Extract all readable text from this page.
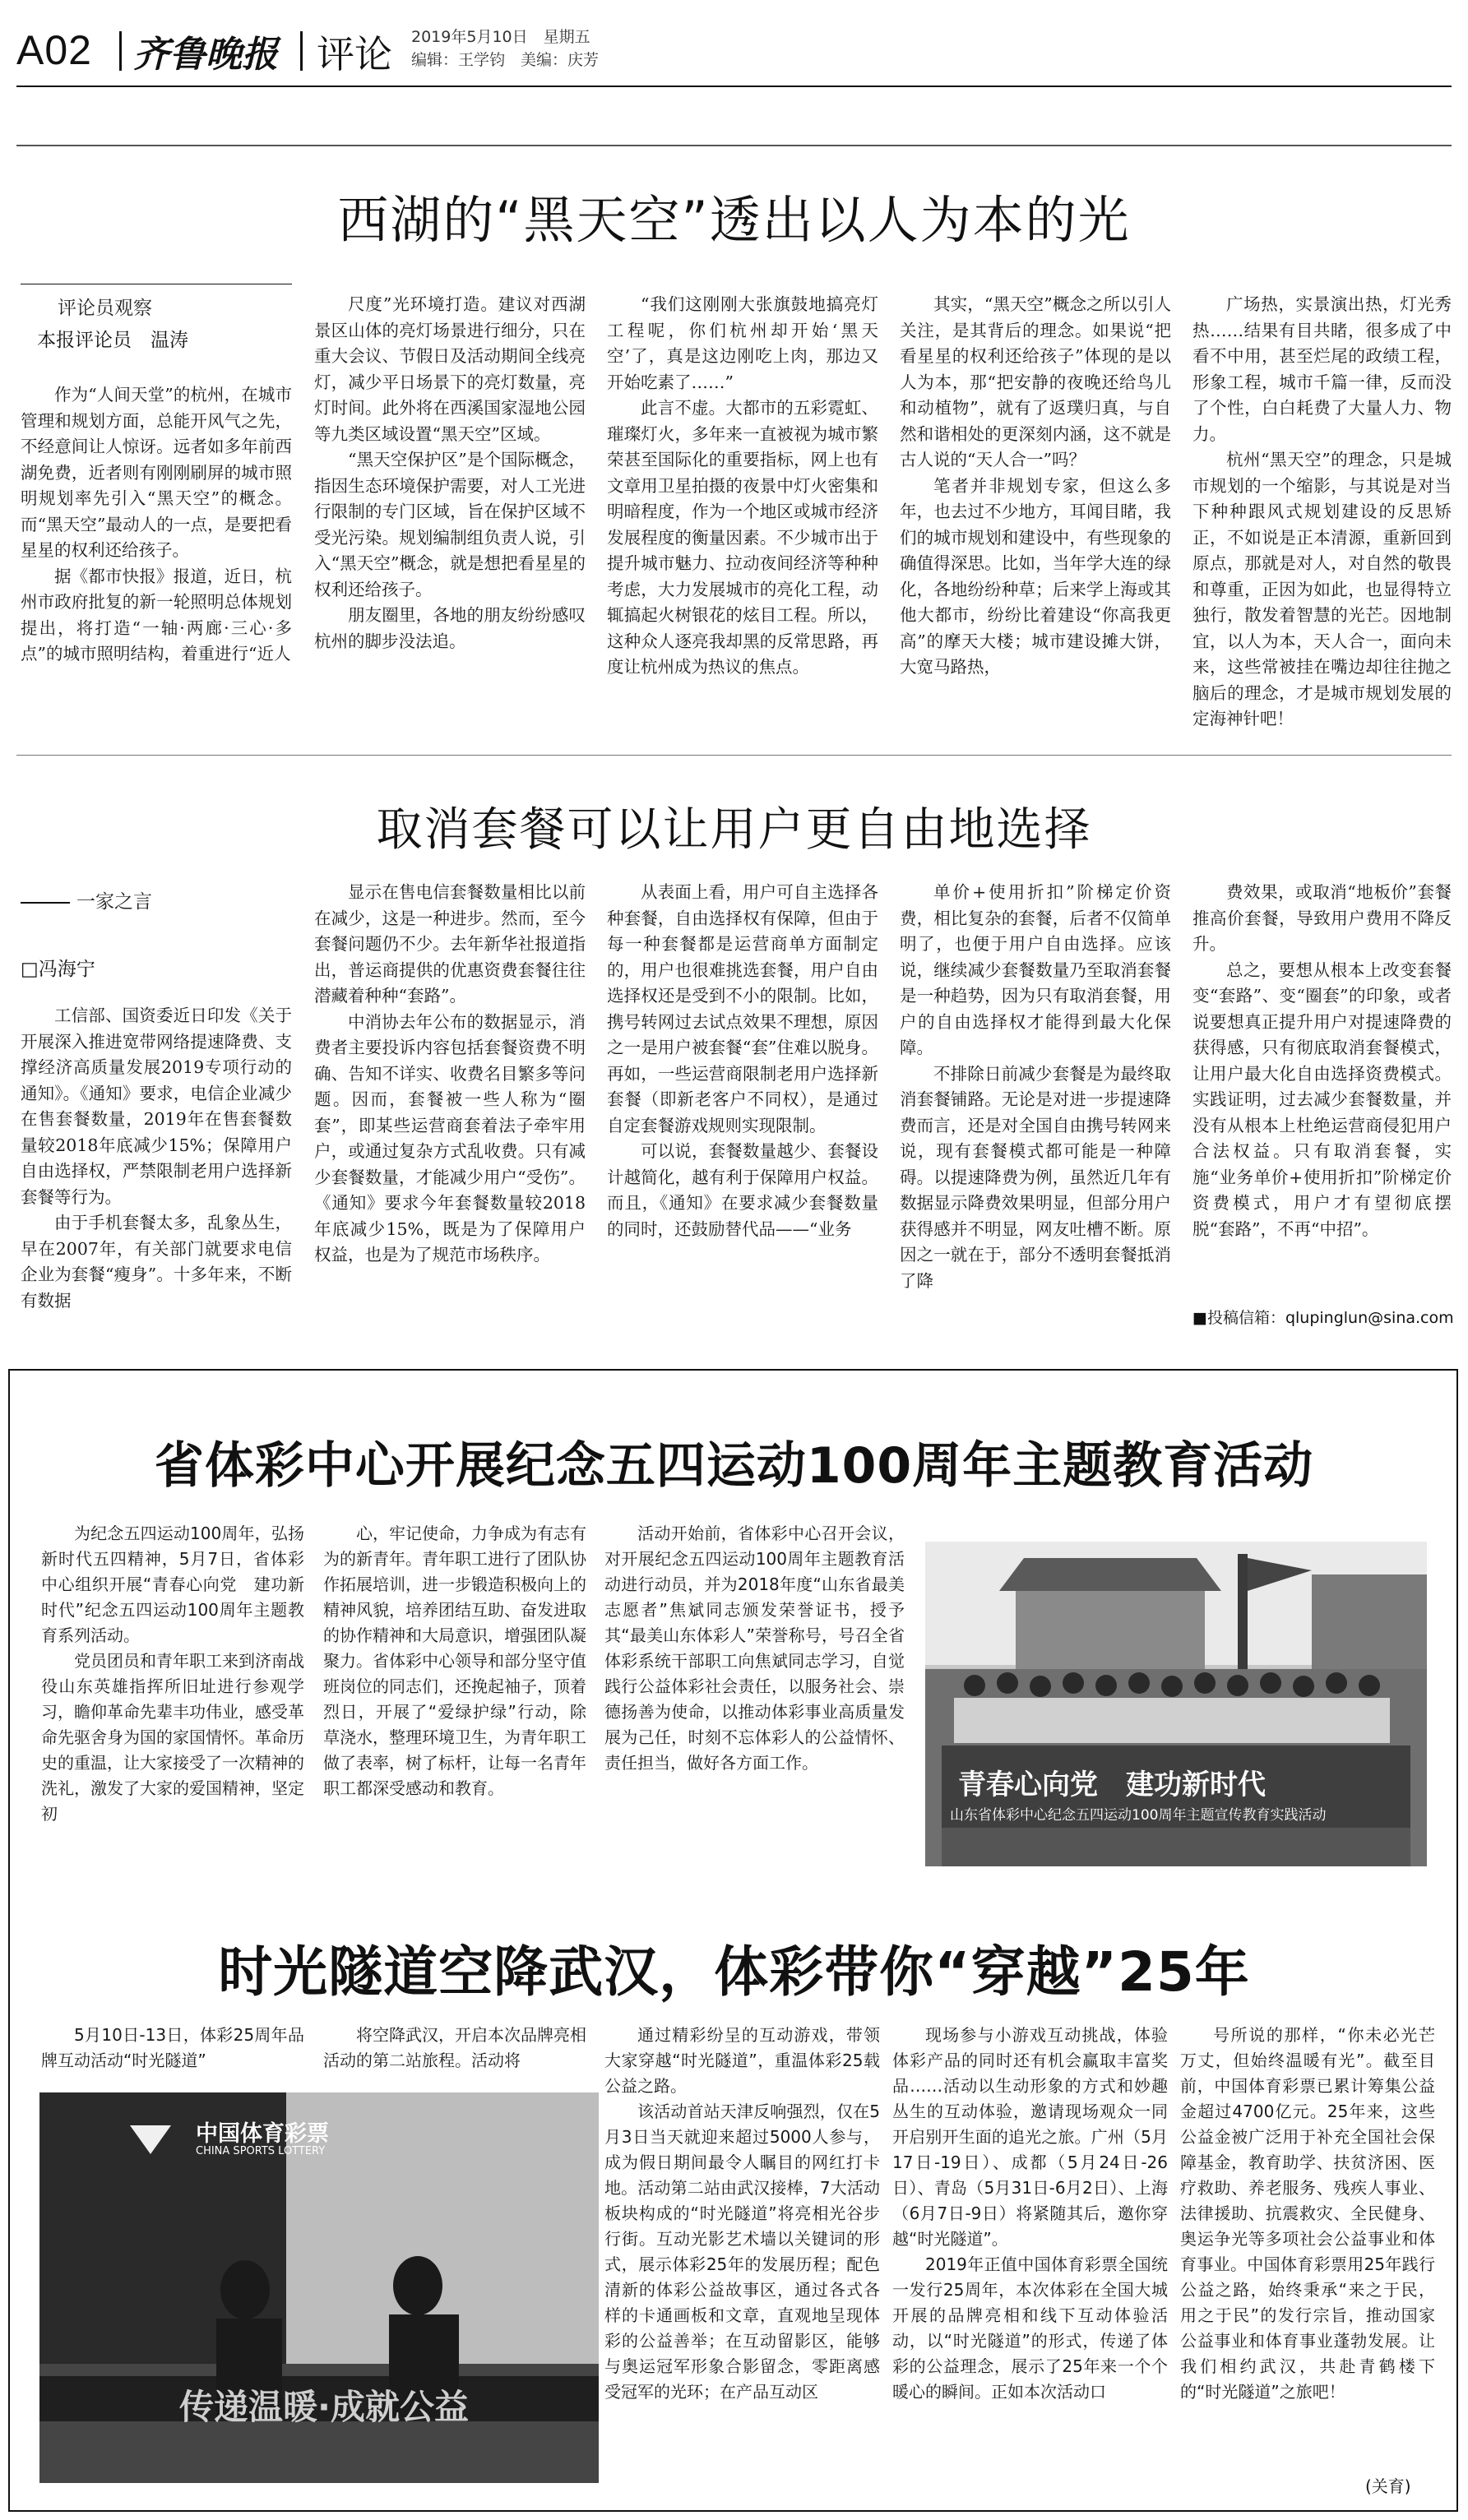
A02 齐鲁晚报 评论 2019年5月10日　星期五
编辑：王学钧　美编：庆芳
西湖的“黑天空”透出以人为本的光
评论员观察
本报评论员　温涛

作为“人间天堂”的杭州，在城市管理和规划方面，总能开风气之先，不经意间让人惊讶。远者如多年前西湖免费，近者则有刚刚刷屏的城市照明规划率先引入“黑天空”的概念。而“黑天空”最动人的一点，是要把看星星的权利还给孩子。

据《都市快报》报道，近日，杭州市政府批复的新一轮照明总体规划提出，将打造“一轴·两廊·三心·多点”的城市照明结构，着重进行“近人

尺度”光环境打造。建议对西湖景区山体的亮灯场景进行细分，只在重大会议、节假日及活动期间全线亮灯，减少平日场景下的亮灯数量，亮灯时间。此外将在西溪国家湿地公园等九类区域设置“黑天空”区域。

“黑天空保护区”是个国际概念，指因生态环境保护需要，对人工光进行限制的专门区域，旨在保护区域不受光污染。规划编制组负责人说，引入“黑天空”概念，就是想把看星星的权利还给孩子。

朋友圈里，各地的朋友纷纷感叹杭州的脚步没法追。

“我们这刚刚大张旗鼓地搞亮灯工程呢，你们杭州却开始‘黑天空’了，真是这边刚吃上肉，那边又开始吃素了……”

此言不虚。大都市的五彩霓虹、璀璨灯火，多年来一直被视为城市繁荣甚至国际化的重要指标，网上也有文章用卫星拍摄的夜景中灯火密集和明暗程度，作为一个地区或城市经济发展程度的衡量因素。不少城市出于提升城市魅力、拉动夜间经济等种种考虑，大力发展城市的亮化工程，动辄搞起火树银花的炫目工程。所以，这种众人逐亮我却黑的反常思路，再度让杭州成为热议的焦点。

其实，“黑天空”概念之所以引人关注，是其背后的理念。如果说“把看星星的权利还给孩子”体现的是以人为本，那“把安静的夜晚还给鸟儿和动植物”，就有了返璞归真，与自然和谐相处的更深刻内涵，这不就是古人说的“天人合一”吗？

笔者并非规划专家，但这么多年，也去过不少地方，耳闻目睹，我们的城市规划和建设中，有些现象的确值得深思。比如，当年学大连的绿化，各地纷纷种草；后来学上海或其他大都市，纷纷比着建设“你高我更高”的摩天大楼；城市建设摊大饼，大宽马路热，

广场热，实景演出热，灯光秀热……结果有目共睹，很多成了中看不中用，甚至烂尾的政绩工程，形象工程，城市千篇一律，反而没了个性，白白耗费了大量人力、物力。

杭州“黑天空”的理念，只是城市规划的一个缩影，与其说是对当下种种跟风式规划建设的反思矫正，不如说是正本清源，重新回到原点，那就是对人，对自然的敬畏和尊重，正因为如此，也显得特立独行，散发着智慧的光芒。因地制宜，以人为本，天人合一，面向未来，这些常被挂在嘴边却往往抛之脑后的理念，才是城市规划发展的定海神针吧！

取消套餐可以让用户更自由地选择
一家之言
□冯海宁

工信部、国资委近日印发《关于开展深入推进宽带网络提速降费、支撑经济高质量发展2019专项行动的通知》。《通知》要求，电信企业减少在售套餐数量，2019年在售套餐数量较2018年底减少15%；保障用户自由选择权，严禁限制老用户选择新套餐等行为。

由于手机套餐太多，乱象丛生，早在2007年，有关部门就要求电信企业为套餐“瘦身”。十多年来，不断有数据

显示在售电信套餐数量相比以前在减少，这是一种进步。然而，至今套餐问题仍不少。去年新华社报道指出，普运商提供的优惠资费套餐往往潜藏着种种“套路”。

中消协去年公布的数据显示，消费者主要投诉内容包括套餐资费不明确、告知不详实、收费名目繁多等问题。因而，套餐被一些人称为“圈套”，即某些运营商套着法子牵牢用户，或通过复杂方式乱收费。只有减少套餐数量，才能减少用户“受伤”。《通知》要求今年套餐数量较2018年底减少15%，既是为了保障用户权益，也是为了规范市场秩序。

从表面上看，用户可自主选择各种套餐，自由选择权有保障，但由于每一种套餐都是运营商单方面制定的，用户也很难挑选套餐，用户自由选择权还是受到不小的限制。比如，携号转网过去试点效果不理想，原因之一是用户被套餐“套”住难以脱身。再如，一些运营商限制老用户选择新套餐（即新老客户不同权），是通过自定套餐游戏规则实现限制。

可以说，套餐数量越少、套餐设计越简化，越有利于保障用户权益。而且，《通知》在要求减少套餐数量的同时，还鼓励替代品——“业务

单价+使用折扣”阶梯定价资费，相比复杂的套餐，后者不仅简单明了，也便于用户自由选择。应该说，继续减少套餐数量乃至取消套餐是一种趋势，因为只有取消套餐，用户的自由选择权才能得到最大化保障。

不排除日前减少套餐是为最终取消套餐铺路。无论是对进一步提速降费而言，还是对全国自由携号转网来说，现有套餐模式都可能是一种障碍。以提速降费为例，虽然近几年有数据显示降费效果明显，但部分用户获得感并不明显，网友吐槽不断。原因之一就在于，部分不透明套餐抵消了降

费效果，或取消“地板价”套餐推高价套餐，导致用户费用不降反升。

总之，要想从根本上改变套餐变“套路”、变“圈套”的印象，或者说要想真正提升用户对提速降费的获得感，只有彻底取消套餐模式，让用户最大化自由选择资费模式。实践证明，过去减少套餐数量，并没有从根本上杜绝运营商侵犯用户合法权益。只有取消套餐，实施“业务单价+使用折扣”阶梯定价资费模式，用户才有望彻底摆脱“套路”，不再“中招”。

■投稿信箱：qlupinglun@sina.com
省体彩中心开展纪念五四运动100周年主题教育活动

为纪念五四运动100周年，弘扬新时代五四精神，5月7日，省体彩中心组织开展“青春心向党　建功新时代”纪念五四运动100周年主题教育系列活动。

党员团员和青年职工来到济南战役山东英雄指挥所旧址进行参观学习，瞻仰革命先辈丰功伟业，感受革命先驱舍身为国的家国情怀。革命历史的重温，让大家接受了一次精神的洗礼，激发了大家的爱国精神，坚定初

心，牢记使命，力争成为有志有为的新青年。青年职工进行了团队协作拓展培训，进一步锻造积极向上的精神风貌，培养团结互助、奋发进取的协作精神和大局意识，增强团队凝聚力。省体彩中心领导和部分坚守值班岗位的同志们，还挽起袖子，顶着烈日，开展了“爱绿护绿”行动，除草浇水，整理环境卫生，为青年职工做了表率，树了标杆，让每一名青年职工都深受感动和教育。

活动开始前，省体彩中心召开会议，对开展纪念五四运动100周年主题教育活动进行动员，并为2018年度“山东省最美志愿者”焦斌同志颁发荣誉证书，授予其“最美山东体彩人”荣誉称号，号召全省体彩系统干部职工向焦斌同志学习，自觉践行公益体彩社会责任，以服务社会、崇德扬善为使命，以推动体彩事业高质量发展为己任，时刻不忘体彩人的公益情怀、责任担当，做好各方面工作。

青春心向党　建功新时代
山东省体彩中心纪念五四运动100周年主题宣传教育实践活动
时光隧道空降武汉，体彩带你“穿越”25年

5月10日-13日，体彩25周年品牌互动活动“时光隧道”

将空降武汉，开启本次品牌亮相活动的第二站旅程。活动将

中国体育彩票
CHINA SPORTS LOTTERY
传递温暖·成就公益

通过精彩纷呈的互动游戏，带领大家穿越“时光隧道”，重温体彩25载公益之路。

该活动首站天津反响强烈，仅在5月3日当天就迎来超过5000人参与，成为假日期间最令人瞩目的网红打卡地。活动第二站由武汉接棒，7大活动板块构成的“时光隧道”将亮相光谷步行街。互动光影艺术墙以关键词的形式，展示体彩25年的发展历程；配色清新的体彩公益故事区，通过各式各样的卡通画板和文章，直观地呈现体彩的公益善举；在互动留影区，能够与奥运冠军形象合影留念，零距离感受冠军的光环；在产品互动区

现场参与小游戏互动挑战，体验体彩产品的同时还有机会赢取丰富奖品……活动以生动形象的方式和妙趣丛生的互动体验，邀请现场观众一同开启别开生面的追光之旅。广州（5月17日-19日）、成都（5月24日-26日）、青岛（5月31日-6月2日）、上海（6月7日-9日）将紧随其后，邀你穿越“时光隧道”。

2019年正值中国体育彩票全国统一发行25周年，本次体彩在全国大城开展的品牌亮相和线下互动体验活动，以“时光隧道”的形式，传递了体彩的公益理念，展示了25年来一个个暖心的瞬间。正如本次活动口

号所说的那样，“你未必光芒万丈，但始终温暖有光”。截至目前，中国体育彩票已累计筹集公益金超过4700亿元。25年来，这些公益金被广泛用于补充全国社会保障基金，教育助学、扶贫济困、医疗救助、养老服务、残疾人事业、法律援助、抗震救灾、全民健身、奥运争光等多项社会公益事业和体育事业。中国体育彩票用25年践行公益之路，始终秉承“来之于民，用之于民”的发行宗旨，推动国家公益事业和体育事业蓬勃发展。让我们相约武汉，共赴青鹤楼下的“时光隧道”之旅吧！

(关育)
